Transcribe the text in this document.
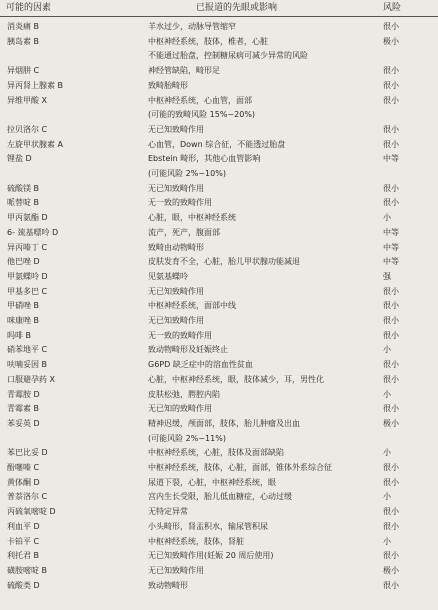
可能的因素	已报道的先眼或影响	风险
消炎痛 B	羊水过少，动脉导管缩窄	很小
胰岛素 B	中枢神经系统，肢体，椎者，心脏	极小
不能通过胎盘，控制糖尿病可减少异常的风险
异烟肼 C	神经管缺陷，畸形足	很小
异丙肾上腺素 B	致畸胎畸形	很小
异维甲酸 X	中枢神经系统，心血管，面部	很小
(可能的致畸风险 15%~20%)
拉贝洛尔 C	无已知致畸作用	很小
左旋甲状腺素 A	心血管，Down 综合征，不能透过胎盘	很小
锂盐 D	Ebstein 畸形，其他心血管影响	中等
(可能风险 2%~10%)
硫酸镁 B	无已知致畸作用	很小
哌替啶 B	无一致的致畸作用	很小
甲丙氨酯 D	心脏，眼，中枢神经系统	小
6- 巯基嘌呤 D	流产，死产，腹面部	中等
异丙嗪丁 C	致畸由动物畸形	中等
他巴唑 D	皮肤发育不全，心脏，胎儿甲状腺功能减退	中等
甲氨蝶呤 D	见氨基蝶呤	强
甲基多巴 C	无已知致畸作用	很小
甲硝唑 B	中枢神经系统，面部中线	很小
咪康唑 B	无已知致畸作用	很小
吗啡 B	无一致的致畸作用	很小
硝苯地平 C	致动物畸形及妊娠终止	小
呋喃妥因 B	G6PD 缺乏症中的溶血性贫血	很小
口服避孕药 X	心脏，中枢神经系统，眼，肢体减少，耳，男性化	很小
青霉胺 D	皮肤松弛，腭腔内陷	小
青霉素 B	无已知的致畸作用	很小
苯妥英 D	精神迟缓，颅面部，肢体，胎儿肿瘤及出血	极小
(可能风险 2%~11%)
苯巴比妥 D	中枢神经系统，心脏，肢体及面部缺陷	小
酚噻嗪 C	中枢神经系统，肢体，心脏，面部，锥体外系综合征	很小
黄体酮 D	尿道下裂，心脏，中枢神经系统，眼	很小
普萘洛尔 C	宫内生长受限，胎儿低血糖症，心动过缓	小
丙硫氧嘧啶 D	无特定异常	很小
利血平 D	小头畸形，肾盂积水，输尿管积尿	很小
卡铂平 C	中枢神经系统，肢体，肾脏	小
利托君 B	无已知致畸作用(妊娠 20 周后使用)	很小
磺胺嘧啶 B	无已知致畸作用	极小
硫酸类 D	致动物畸形	很小
